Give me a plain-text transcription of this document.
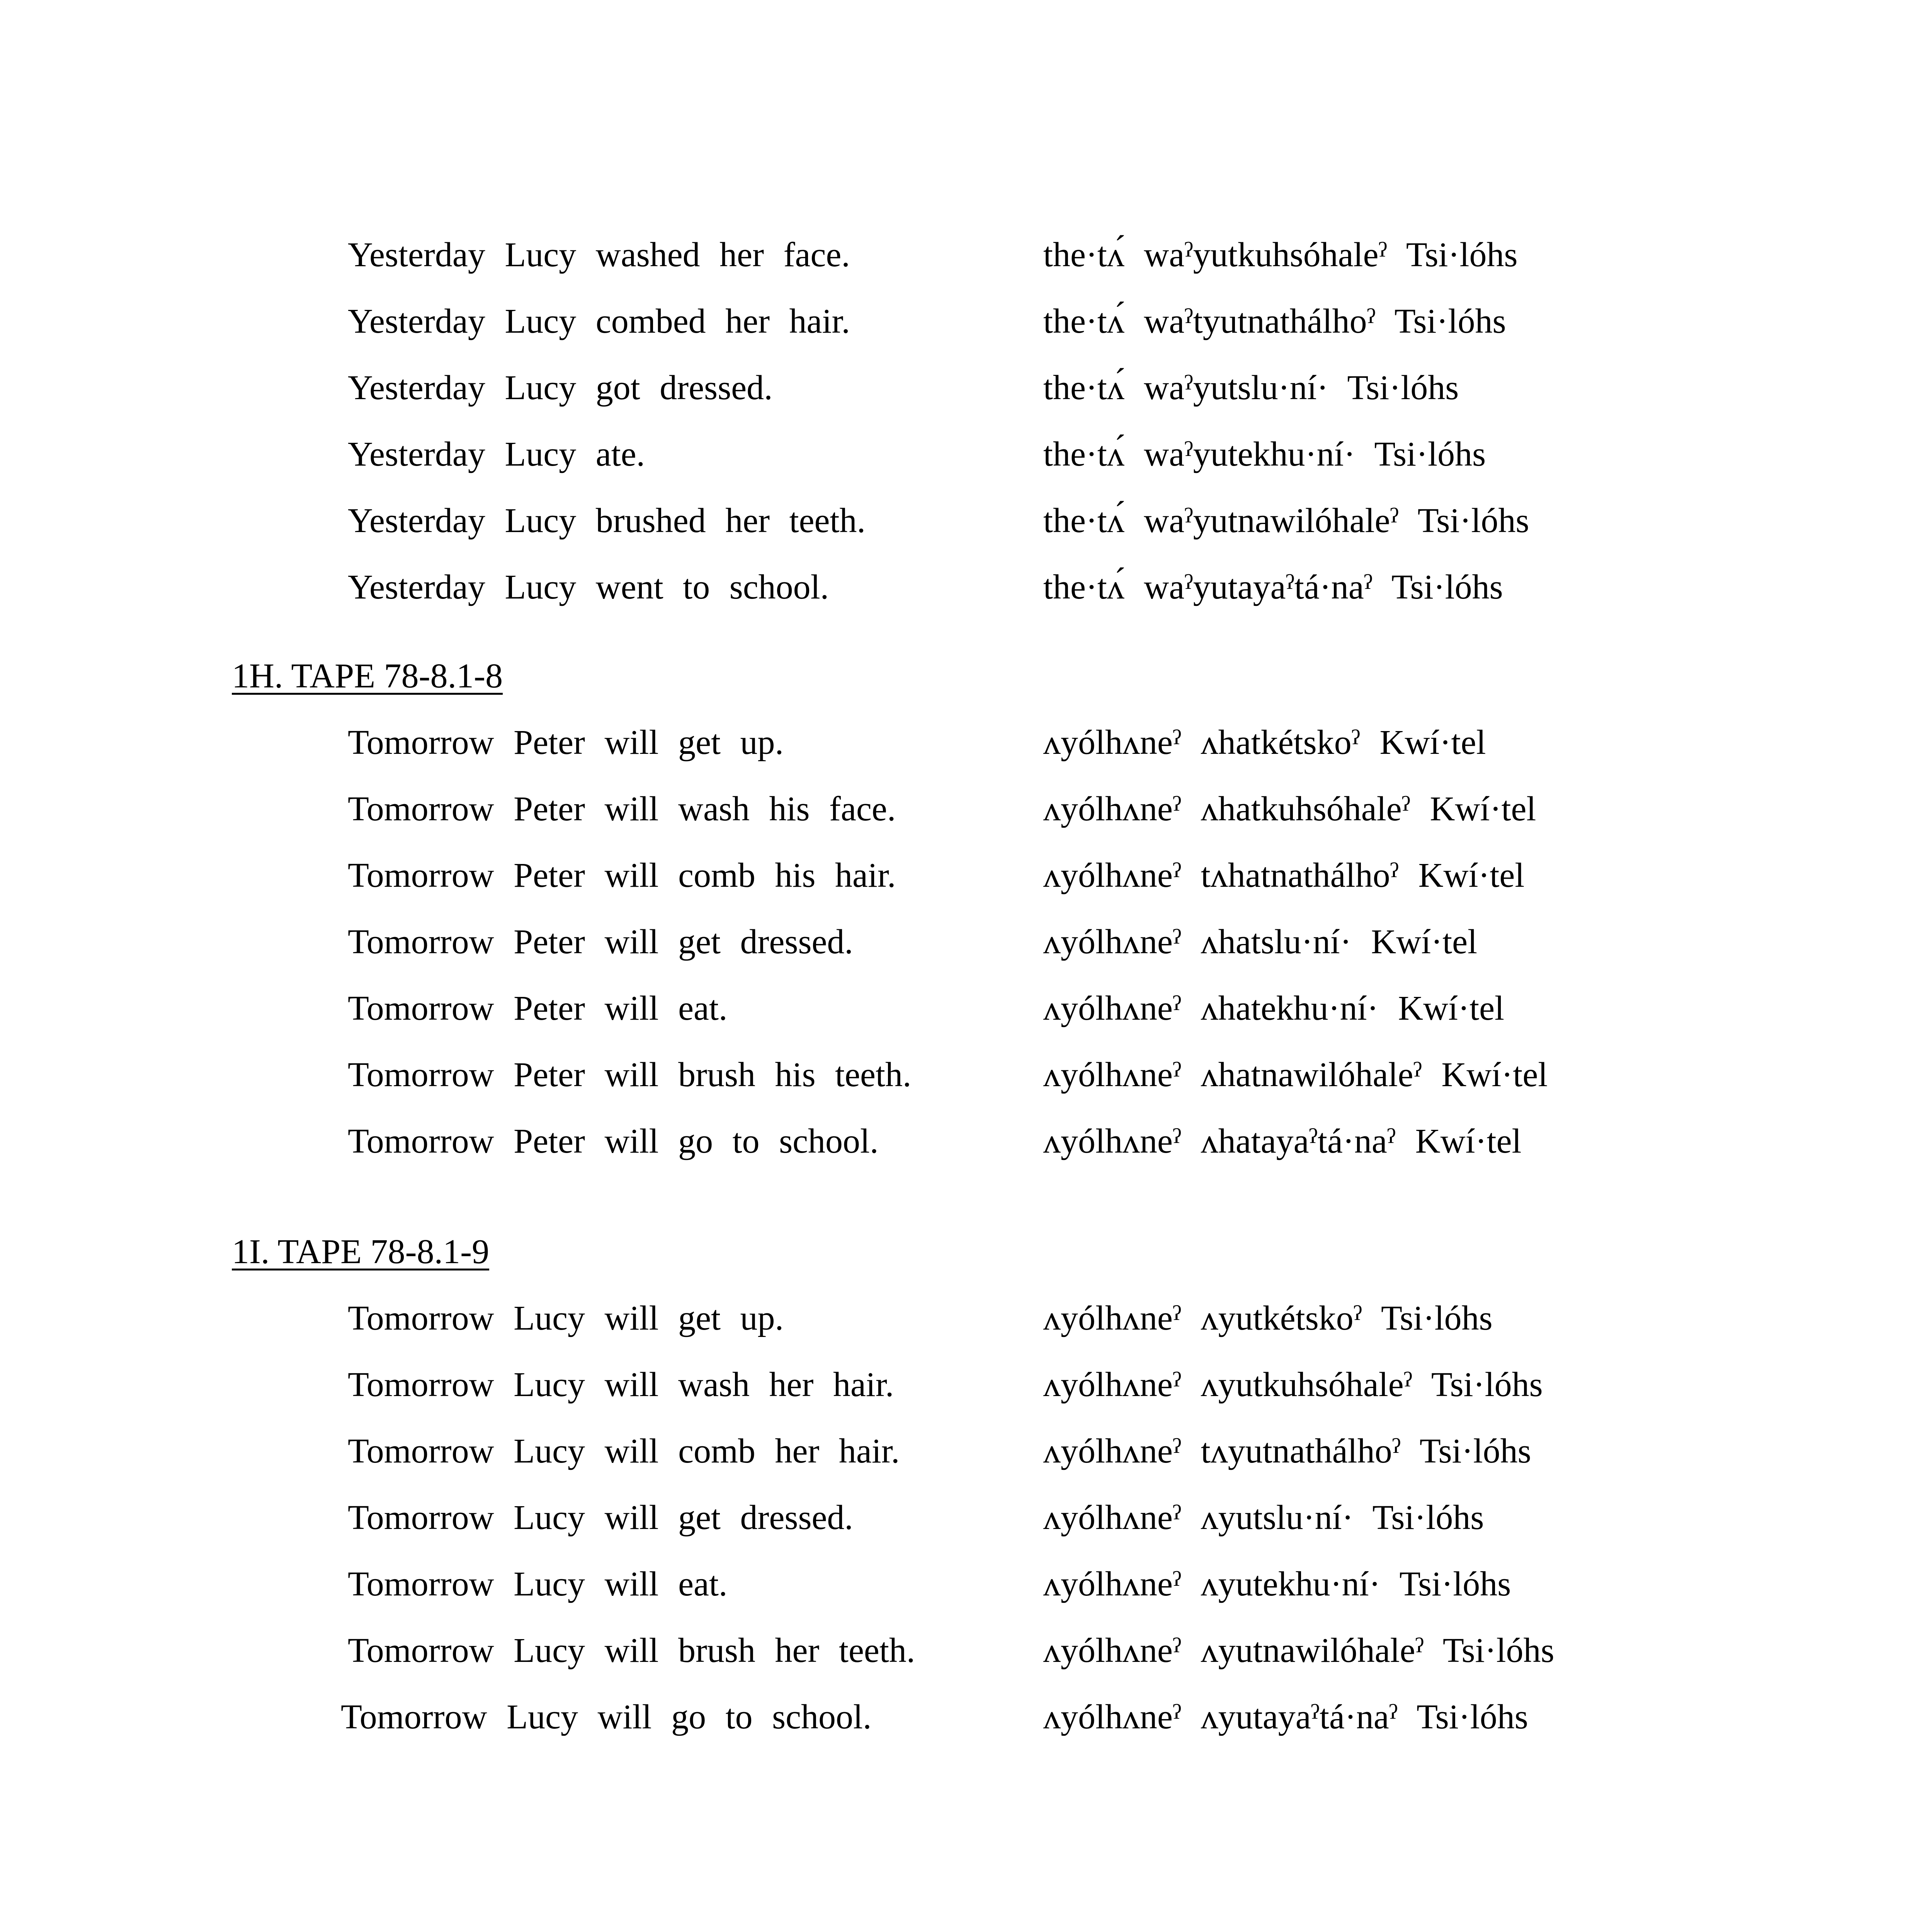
Yesterday Lucy washed her face.	the·tʌ́ waˀyutkuhsóhaleˀ Tsi·lóhs
Yesterday Lucy combed her hair.	the·tʌ́ waˀtyutnathálhoˀ Tsi·lóhs
Yesterday Lucy got dressed.	the·tʌ́ waˀyutslu·ní· Tsi·lóhs
Yesterday Lucy ate.	the·tʌ́ waˀyutekhu·ní· Tsi·lóhs
Yesterday Lucy brushed her teeth.	the·tʌ́ waˀyutnawilóhaleˀ Tsi·lóhs
Yesterday Lucy went to school.	the·tʌ́ waˀyutayaˀtá·naˀ Tsi·lóhs
1H. TAPE 78-8.1-8
Tomorrow Peter will get up.	ʌyólhʌneˀ ʌhatkétskoˀ Kwí·tel
Tomorrow Peter will wash his face.	ʌyólhʌneˀ ʌhatkuhsóhaleˀ Kwí·tel
Tomorrow Peter will comb his hair.	ʌyólhʌneˀ tʌhatnathálhoˀ Kwí·tel
Tomorrow Peter will get dressed.	ʌyólhʌneˀ ʌhatslu·ní· Kwí·tel
Tomorrow Peter will eat.	ʌyólhʌneˀ ʌhatekhu·ní· Kwí·tel
Tomorrow Peter will brush his teeth.	ʌyólhʌneˀ ʌhatnawilóhaleˀ Kwí·tel
Tomorrow Peter will go to school.	ʌyólhʌneˀ ʌhatayaˀtá·naˀ Kwí·tel
1I. TAPE 78-8.1-9
Tomorrow Lucy will get up.	ʌyólhʌneˀ ʌyutkétskoˀ Tsi·lóhs
Tomorrow Lucy will wash her hair.	ʌyólhʌneˀ ʌyutkuhsóhaleˀ Tsi·lóhs
Tomorrow Lucy will comb her hair.	ʌyólhʌneˀ tʌyutnathálhoˀ Tsi·lóhs
Tomorrow Lucy will get dressed.	ʌyólhʌneˀ ʌyutslu·ní· Tsi·lóhs
Tomorrow Lucy will eat.	ʌyólhʌneˀ ʌyutekhu·ní· Tsi·lóhs
Tomorrow Lucy will brush her teeth.	ʌyólhʌneˀ ʌyutnawilóhaleˀ Tsi·lóhs
Tomorrow Lucy will go to school.	ʌyólhʌneˀ ʌyutayaˀtá·naˀ Tsi·lóhs
